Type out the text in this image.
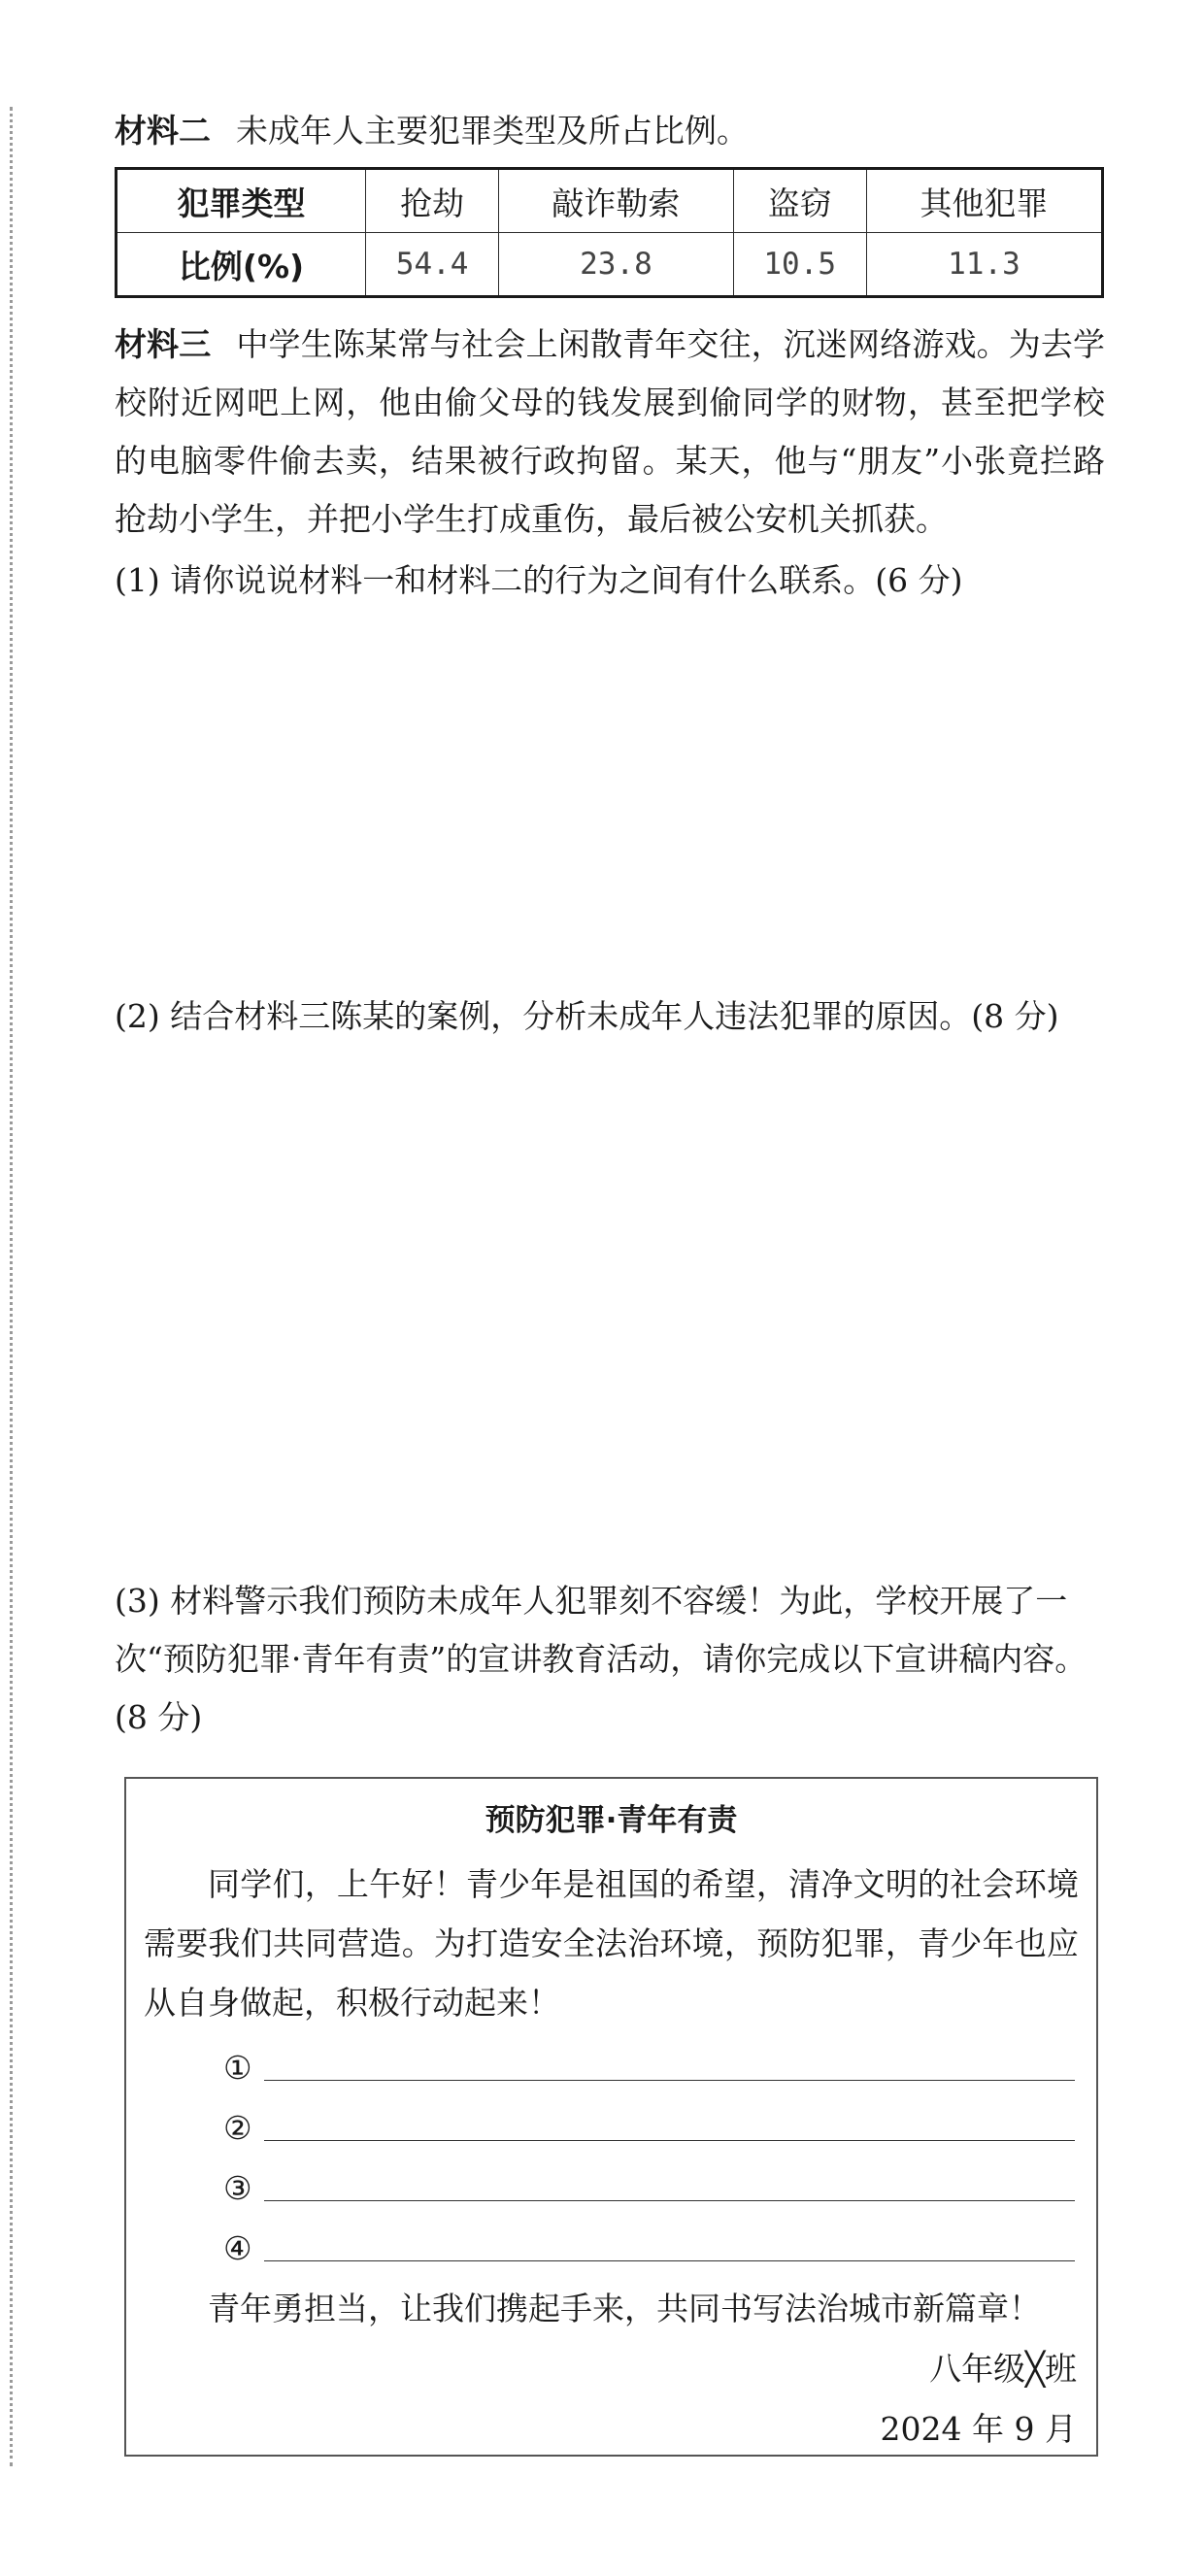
材料二 未成年人主要犯罪类型及所占比例。

犯罪类型	抢劫	敲诈勒索	盗窃	其他犯罪
比例(%)	54.4	23.8	10.5	11.3

材料三 中学生陈某常与社会上闲散青年交往，沉迷网络游戏。为去学校附近网吧上网，他由偷父母的钱发展到偷同学的财物，甚至把学校的电脑零件偷去卖，结果被行政拘留。某天，他与“朋友”小张竟拦路抢劫小学生，并把小学生打成重伤，最后被公安机关抓获。

(1) 请你说说材料一和材料二的行为之间有什么联系。(6 分)

(2) 结合材料三陈某的案例，分析未成年人违法犯罪的原因。(8 分)

(3) 材料警示我们预防未成年人犯罪刻不容缓！为此，学校开展了一次“预防犯罪·青年有责”的宣讲教育活动，请你完成以下宣讲稿内容。(8 分)

预防犯罪·青年有责

同学们，上午好！青少年是祖国的希望，清净文明的社会环境需要我们共同营造。为打造安全法治环境，预防犯罪，青少年也应从自身做起，积极行动起来！

①
②
③
④

青年勇担当，让我们携起手来，共同书写法治城市新篇章！

八年级╳班

2024 年 9 月
